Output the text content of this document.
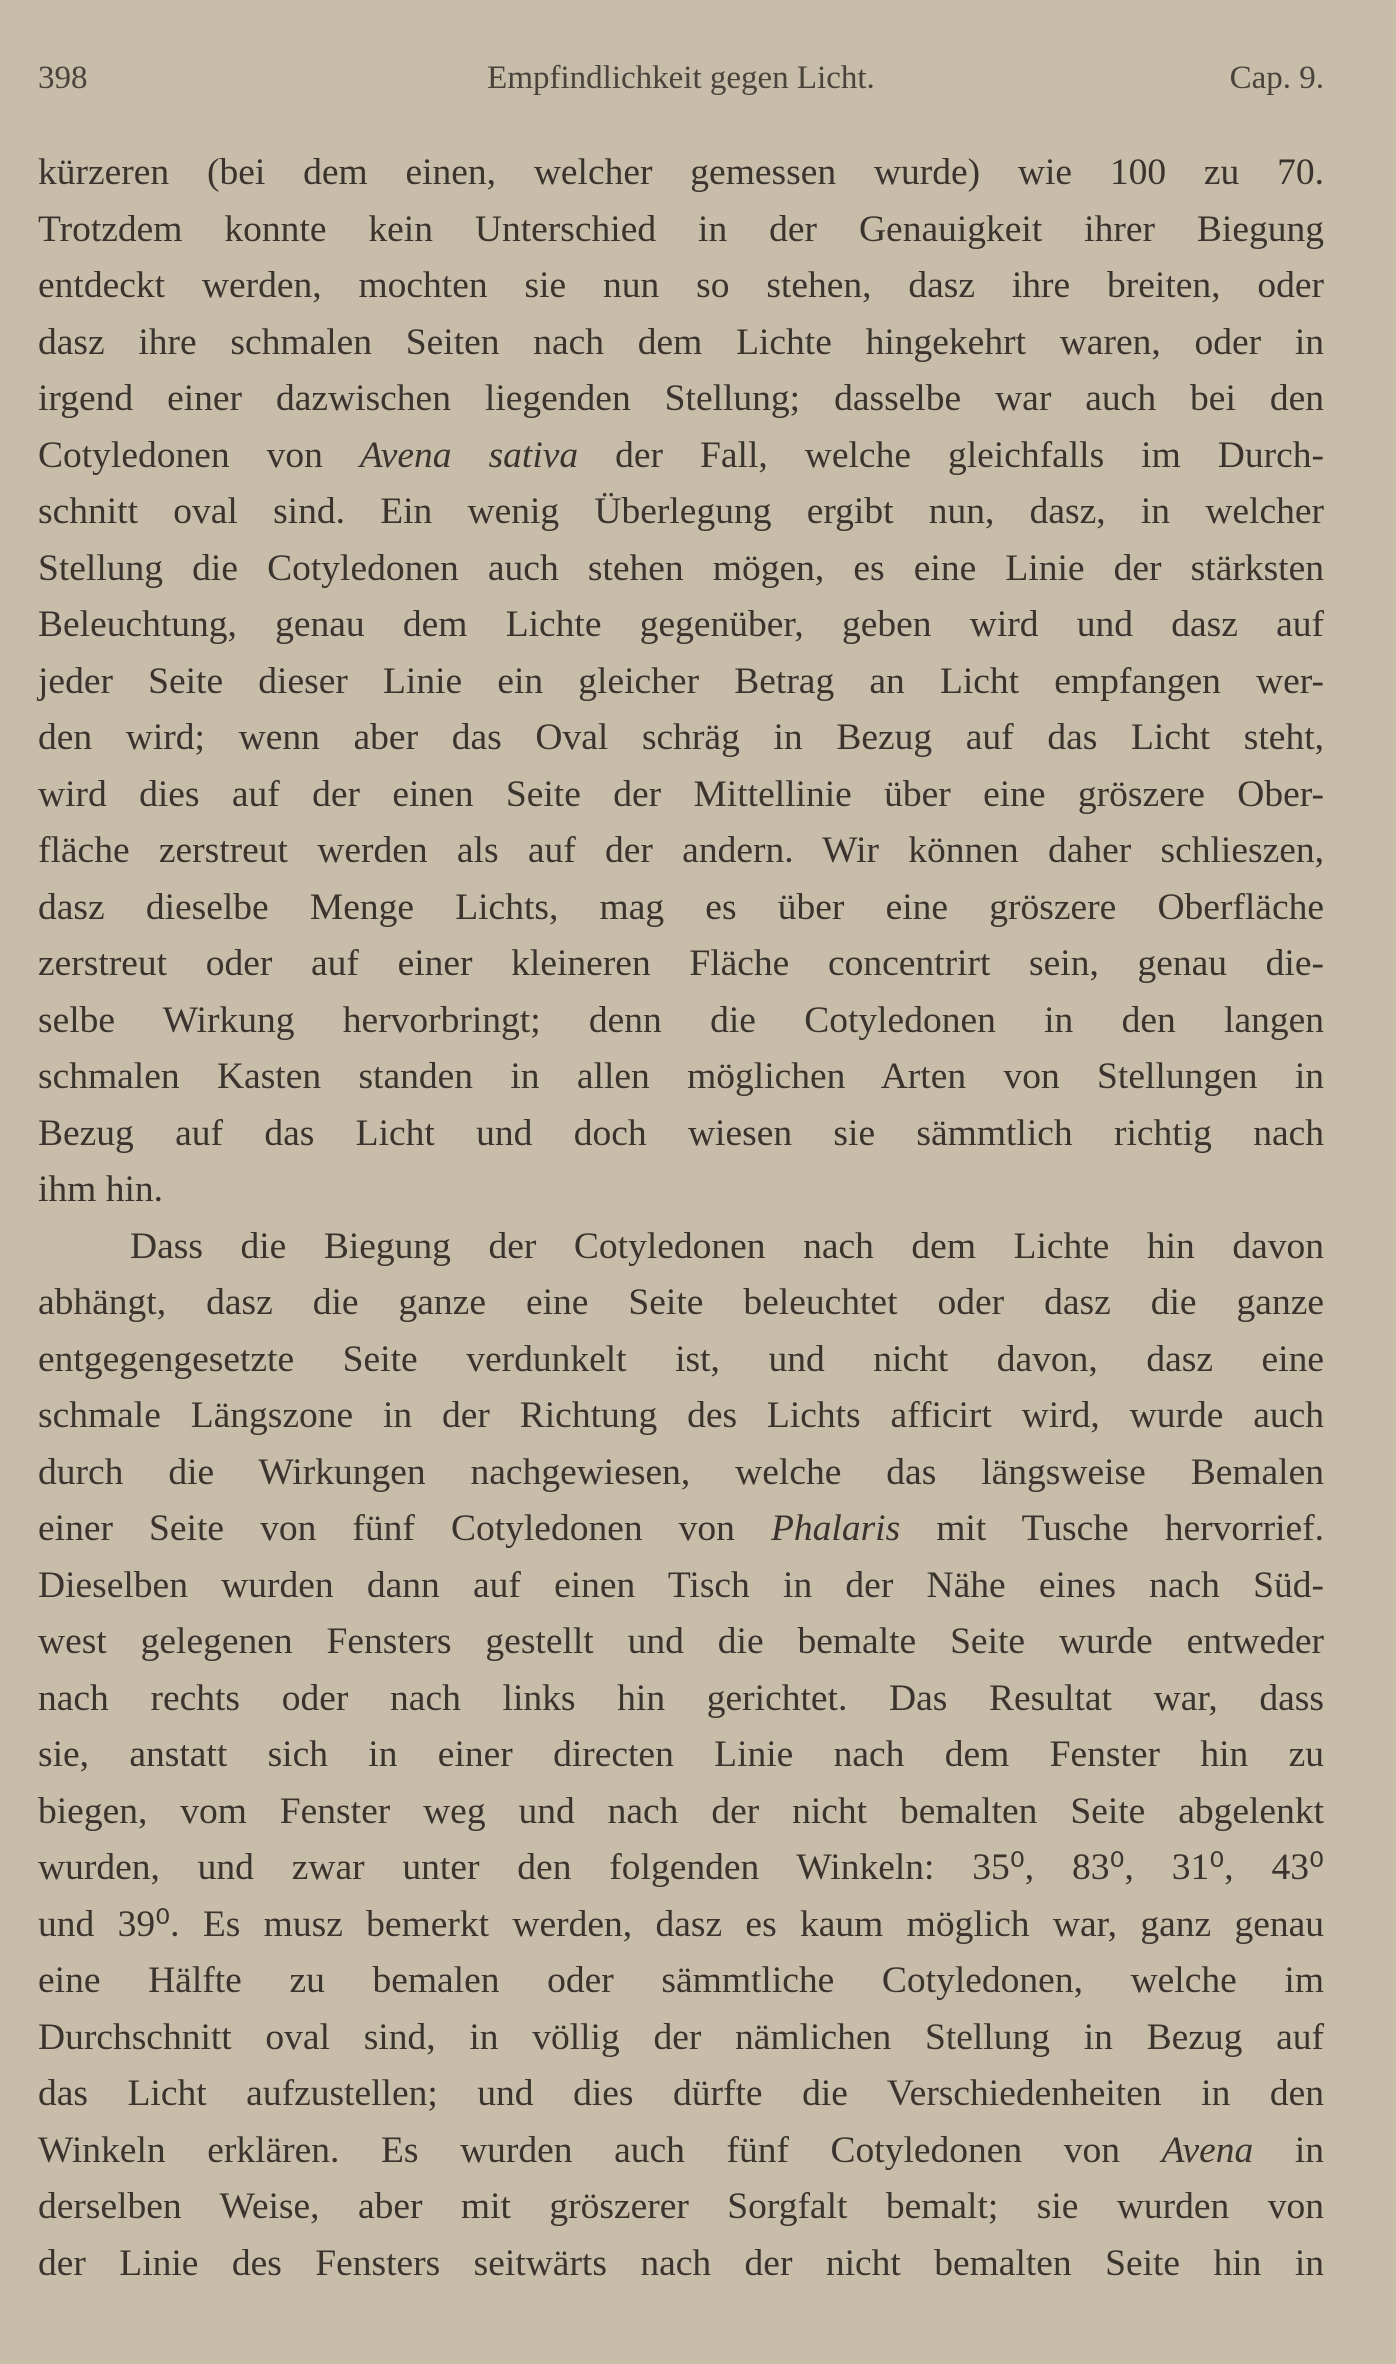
398	Empfindlichkeit gegen Licht.	Cap. 9.
kürzeren (bei dem einen, welcher gemessen wurde) wie 100 zu 70.
Trotzdem konnte kein Unterschied in der Genauigkeit ihrer Biegung
entdeckt werden, mochten sie nun so stehen, dasz ihre breiten, oder
dasz ihre schmalen Seiten nach dem Lichte hingekehrt waren, oder in
irgend einer dazwischen liegenden Stellung; dasselbe war auch bei den
Cotyledonen von Avena sativa der Fall, welche gleichfalls im Durch-
schnitt oval sind. Ein wenig Überlegung ergibt nun, dasz, in welcher
Stellung die Cotyledonen auch stehen mögen, es eine Linie der stärksten
Beleuchtung, genau dem Lichte gegenüber, geben wird und dasz auf
jeder Seite dieser Linie ein gleicher Betrag an Licht empfangen wer-
den wird; wenn aber das Oval schräg in Bezug auf das Licht steht,
wird dies auf der einen Seite der Mittellinie über eine gröszere Ober-
fläche zerstreut werden als auf der andern. Wir können daher schlieszen,
dasz dieselbe Menge Lichts, mag es über eine gröszere Oberfläche
zerstreut oder auf einer kleineren Fläche concentrirt sein, genau die-
selbe Wirkung hervorbringt; denn die Cotyledonen in den langen
schmalen Kasten standen in allen möglichen Arten von Stellungen in
Bezug auf das Licht und doch wiesen sie sämmtlich richtig nach
ihm hin.
Dass die Biegung der Cotyledonen nach dem Lichte hin davon
abhängt, dasz die ganze eine Seite beleuchtet oder dasz die ganze
entgegengesetzte Seite verdunkelt ist, und nicht davon, dasz eine
schmale Längszone in der Richtung des Lichts afficirt wird, wurde auch
durch die Wirkungen nachgewiesen, welche das längsweise Bemalen
einer Seite von fünf Cotyledonen von Phalaris mit Tusche hervorrief.
Dieselben wurden dann auf einen Tisch in der Nähe eines nach Süd-
west gelegenen Fensters gestellt und die bemalte Seite wurde entweder
nach rechts oder nach links hin gerichtet. Das Resultat war, dass
sie, anstatt sich in einer directen Linie nach dem Fenster hin zu
biegen, vom Fenster weg und nach der nicht bemalten Seite abgelenkt
wurden, und zwar unter den folgenden Winkeln: 35⁰, 83⁰, 31⁰, 43⁰
und 39⁰. Es musz bemerkt werden, dasz es kaum möglich war, ganz genau
eine Hälfte zu bemalen oder sämmtliche Cotyledonen, welche im
Durchschnitt oval sind, in völlig der nämlichen Stellung in Bezug auf
das Licht aufzustellen; und dies dürfte die Verschiedenheiten in den
Winkeln erklären. Es wurden auch fünf Cotyledonen von Avena in
derselben Weise, aber mit gröszerer Sorgfalt bemalt; sie wurden von
der Linie des Fensters seitwärts nach der nicht bemalten Seite hin in
